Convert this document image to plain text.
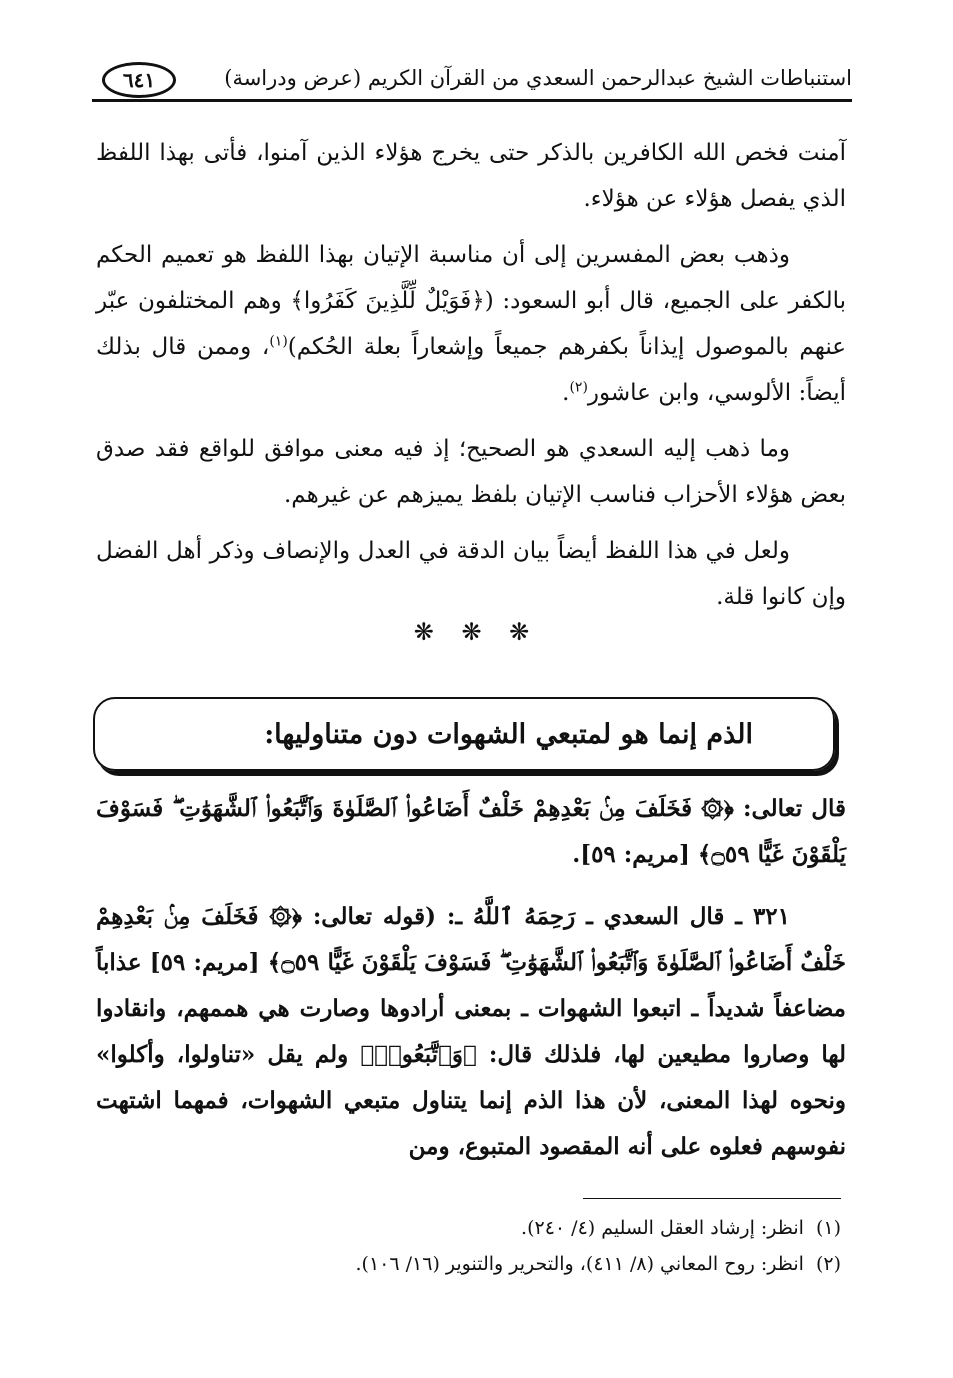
استنباطات الشيخ عبدالرحمن السعدي من القرآن الكريم (عرض ودراسة)
٦٤١

آمنت فخص الله الكافرين بالذكر حتى يخرج هؤلاء الذين آمنوا، فأتى بهذا اللفظ الذي يفصل هؤلاء عن هؤلاء.

وذهب بعض المفسرين إلى أن مناسبة الإتيان بهذا اللفظ هو تعميم الحكم بالكفر على الجميع، قال أبو السعود: (﴿فَوَيْلٌ لِّلَّذِينَ كَفَرُوا﴾ وهم المختلفون عبّر عنهم بالموصول إيذاناً بكفرهم جميعاً وإشعاراً بعلة الحُكم)$^{(١)}$، وممن قال بذلك أيضاً: الألوسي، وابن عاشور$^{(٢)}$.

وما ذهب إليه السعدي هو الصحيح؛ إذ فيه معنى موافق للواقع فقد صدق بعض هؤلاء الأحزاب فناسب الإتيان بلفظ يميزهم عن غيرهم.

ولعل في هذا اللفظ أيضاً بيان الدقة في العدل والإنصاف وذكر أهل الفضل وإن كانوا قلة.

❋ ❋ ❋
الذم إنما هو لمتبعي الشهوات دون متناوليها:

قال تعالى: ﴿۞ فَخَلَفَ مِنۢ بَعْدِهِمْ خَلْفٌ أَضَاعُوا۟ ٱلصَّلَوٰةَ وَٱتَّبَعُوا۟ ٱلشَّهَوَٰتِ ۖ فَسَوْفَ يَلْقَوْنَ غَيًّا ۝٥٩﴾ [مريم: ٥٩].

٣٢١ ـ قال السعدي ـ رَحِمَهُ ٱللَّهُ ـ: (قوله تعالى: ﴿۞ فَخَلَفَ مِنۢ بَعْدِهِمْ خَلْفٌ أَضَاعُوا۟ ٱلصَّلَوٰةَ وَٱتَّبَعُوا۟ ٱلشَّهَوَٰتِ ۖ فَسَوْفَ يَلْقَوْنَ غَيًّا ۝٥٩﴾ [مريم: ٥٩] عذاباً مضاعفاً شديداً ـ اتبعوا الشهوات ـ بمعنى أرادوها وصارت هي هممهم، وانقادوا لها وصاروا مطيعين لها، فلذلك قال: ﴿وَٱتَّبَعُوا۟﴾ ولم يقل «تناولوا، وأكلوا» ونحوه لهذا المعنى، لأن هذا الذم إنما يتناول متبعي الشهوات، فمهما اشتهت نفوسهم فعلوه على أنه المقصود المتبوع، ومن

(١)انظر: إرشاد العقل السليم (٤/ ٢٤٠).

(٢)انظر: روح المعاني (٨/ ٤١١)، والتحرير والتنوير (١٦/ ١٠٦).
